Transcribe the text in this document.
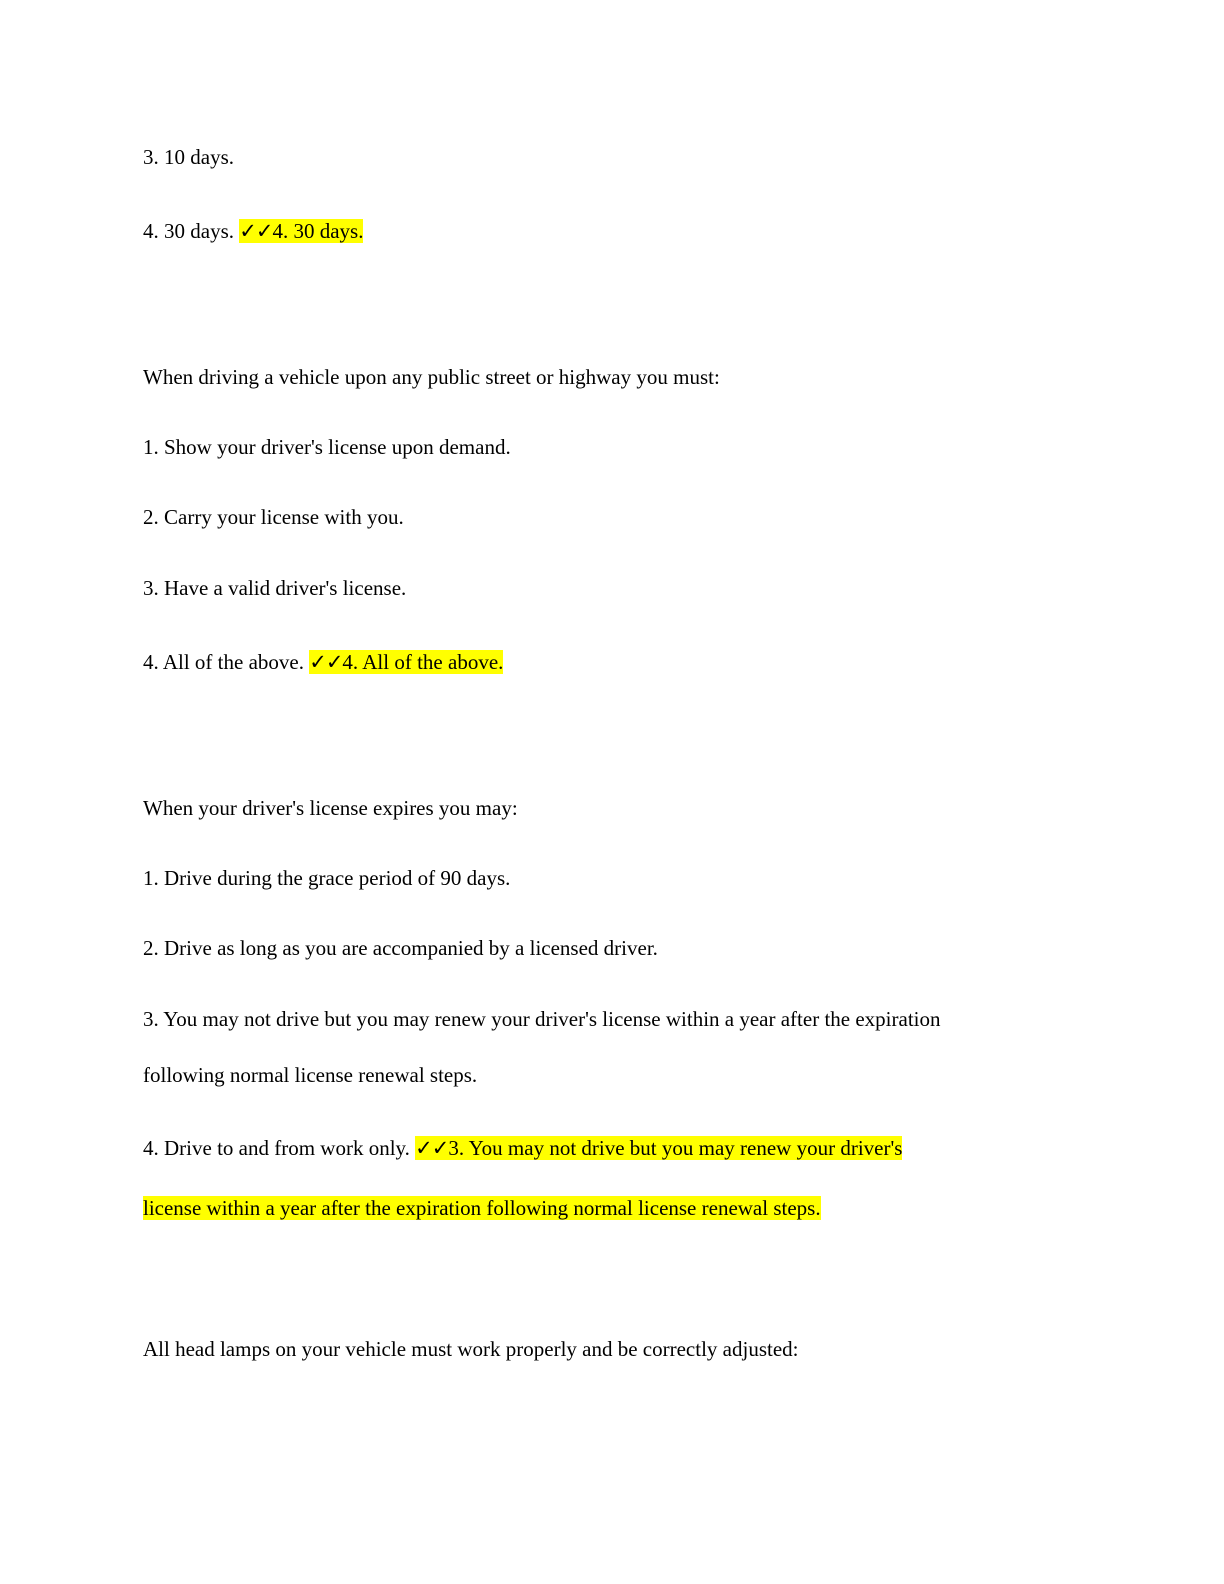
3. 10 days.
4. 30 days. ✓✓4. 30 days.
When driving a vehicle upon any public street or highway you must:
1. Show your driver's license upon demand.
2. Carry your license with you.
3. Have a valid driver's license.
4. All of the above. ✓✓4. All of the above.
When your driver's license expires you may:
1. Drive during the grace period of 90 days.
2. Drive as long as you are accompanied by a licensed driver.
3. You may not drive but you may renew your driver's license within a year after the expiration
following normal license renewal steps.
4. Drive to and from work only. ✓✓3. You may not drive but you may renew your driver's
license within a year after the expiration following normal license renewal steps.
All head lamps on your vehicle must work properly and be correctly adjusted:
